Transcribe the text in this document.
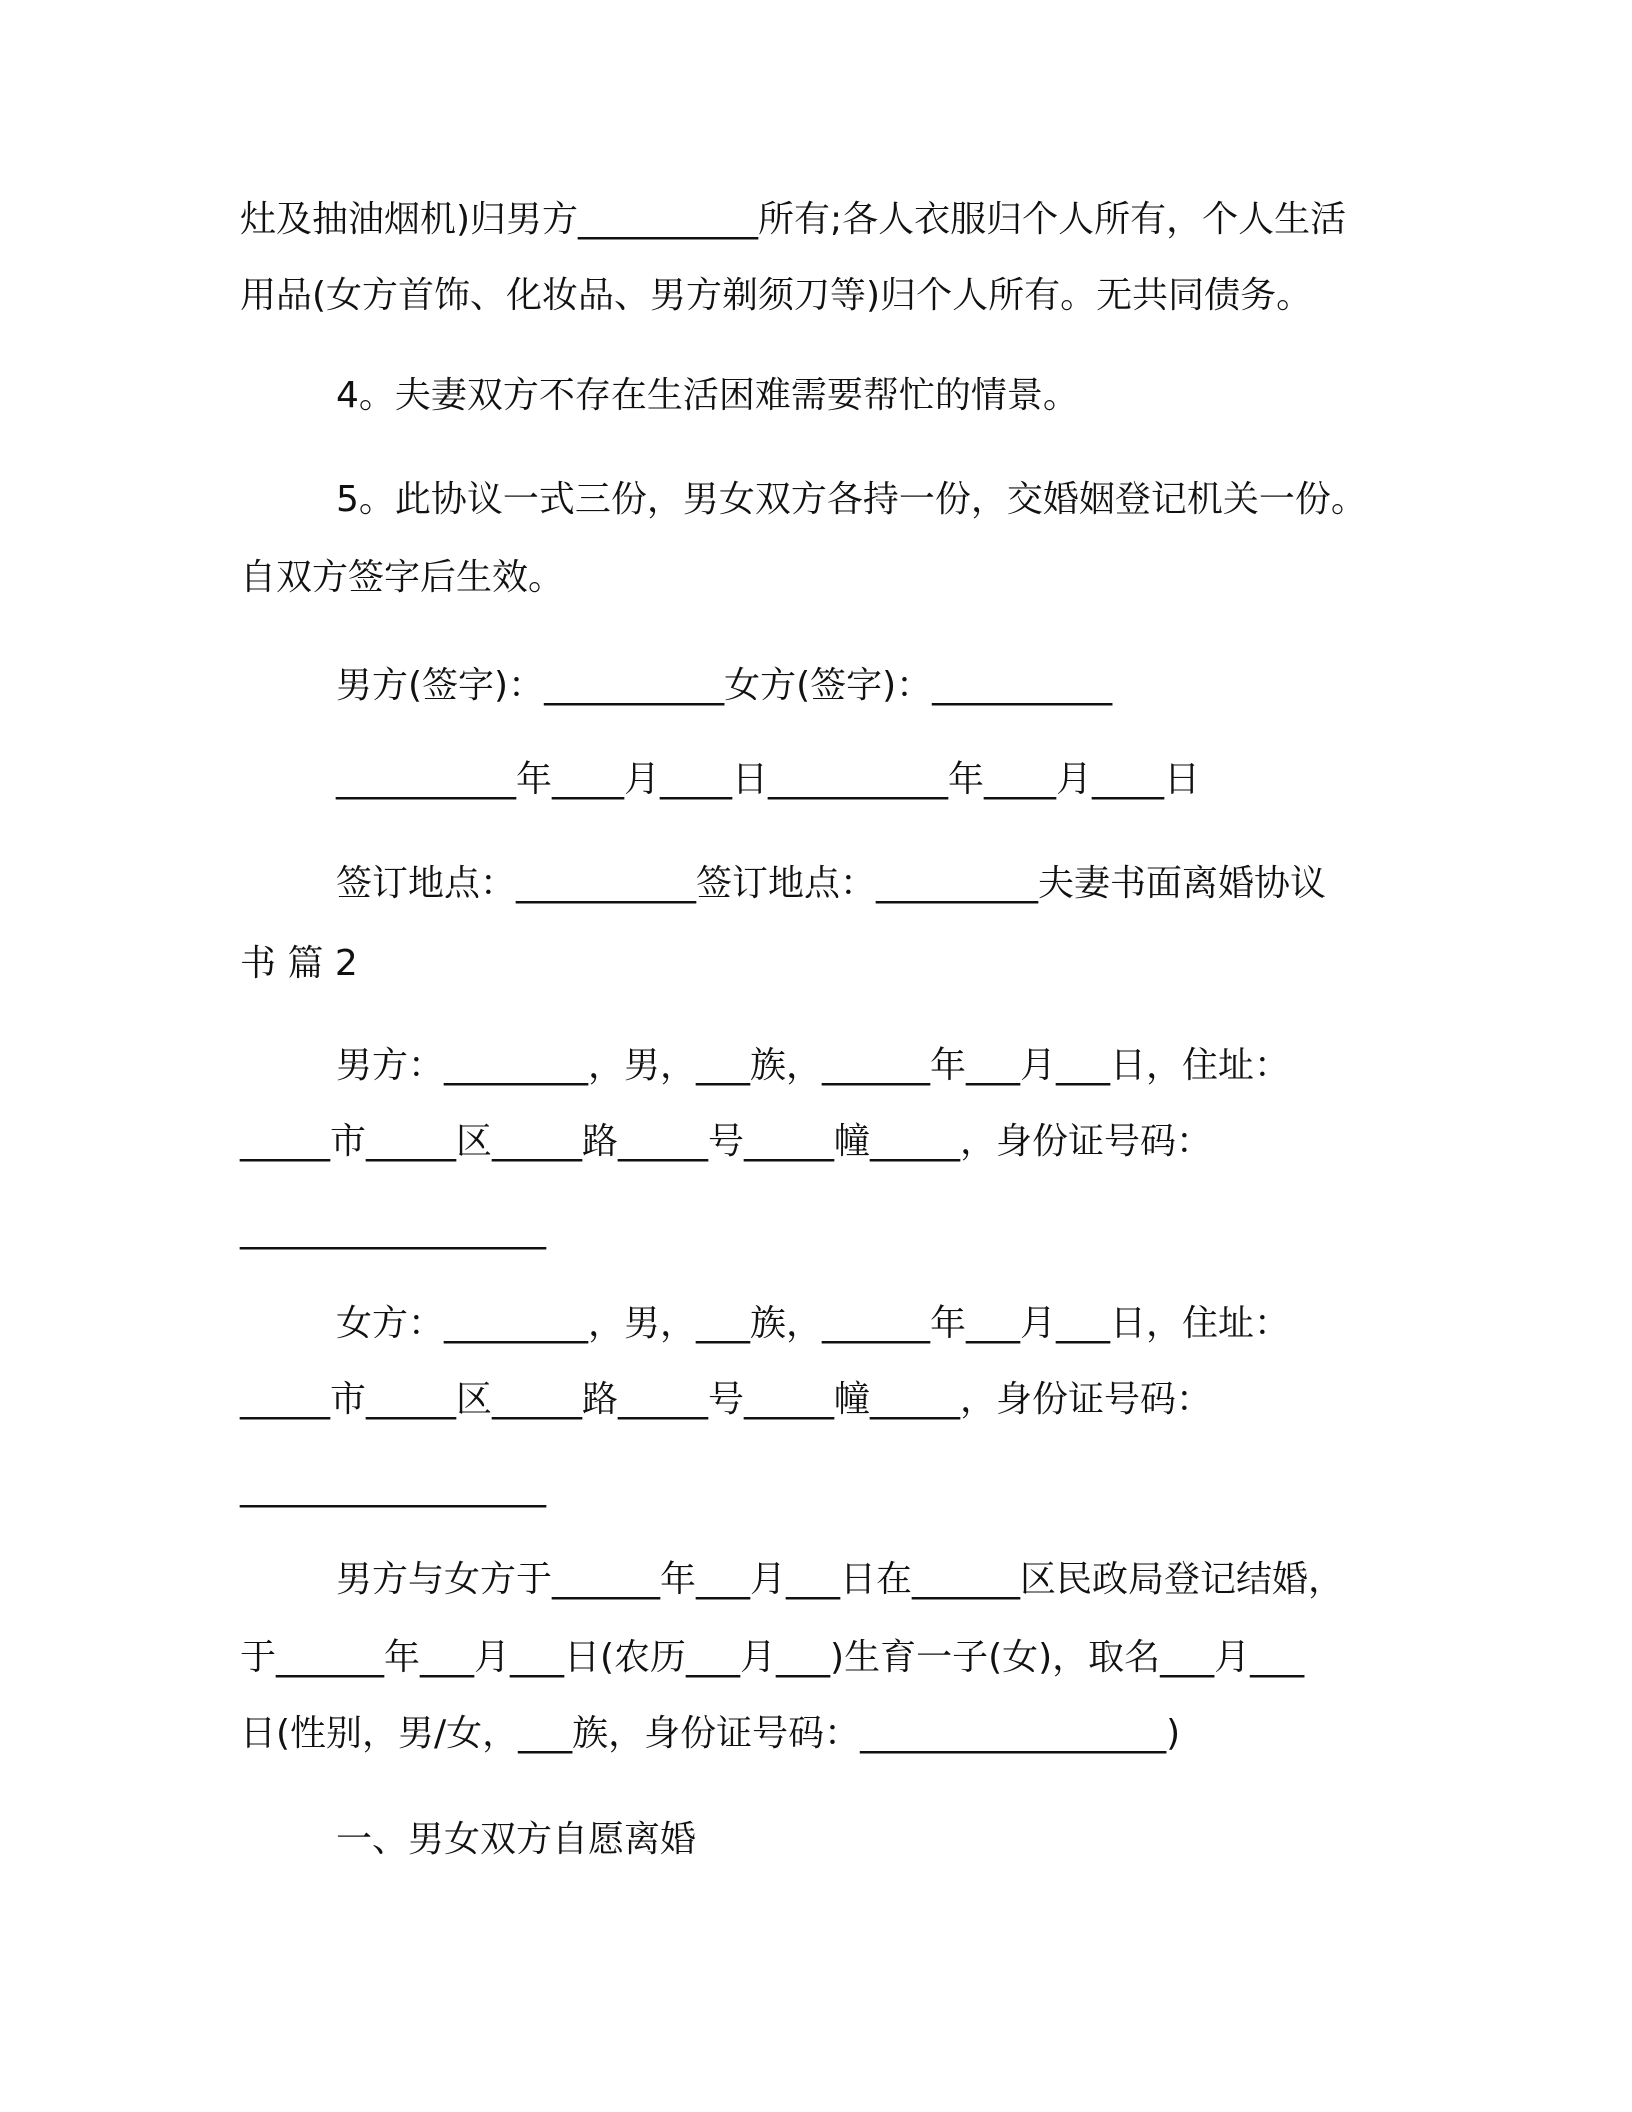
灶及抽油烟机)归男方__________所有;各人衣服归个人所有，个人生活
用品(女方首饰、化妆品、男方剃须刀等)归个人所有。无共同债务。
4。夫妻双方不存在生活困难需要帮忙的情景。
5。此协议一式三份，男女双方各持一份，交婚姻登记机关一份。
自双方签字后生效。
男方(签字)：__________女方(签字)：__________
__________年____月____日__________年____月____日
签订地点：__________签订地点：_________夫妻书面离婚协议
书 篇 2
男方：________，男，___族，______年___月___日，住址：
_____市_____区_____路_____号_____幢_____，身份证号码：
_________________
女方：________，男，___族，______年___月___日，住址：
_____市_____区_____路_____号_____幢_____，身份证号码：
_________________
男方与女方于______年___月___日在______区民政局登记结婚，
于______年___月___日(农历___月___)生育一子(女)，取名___月___
日(性别，男/女，___族，身份证号码：_________________)
一、男女双方自愿离婚
